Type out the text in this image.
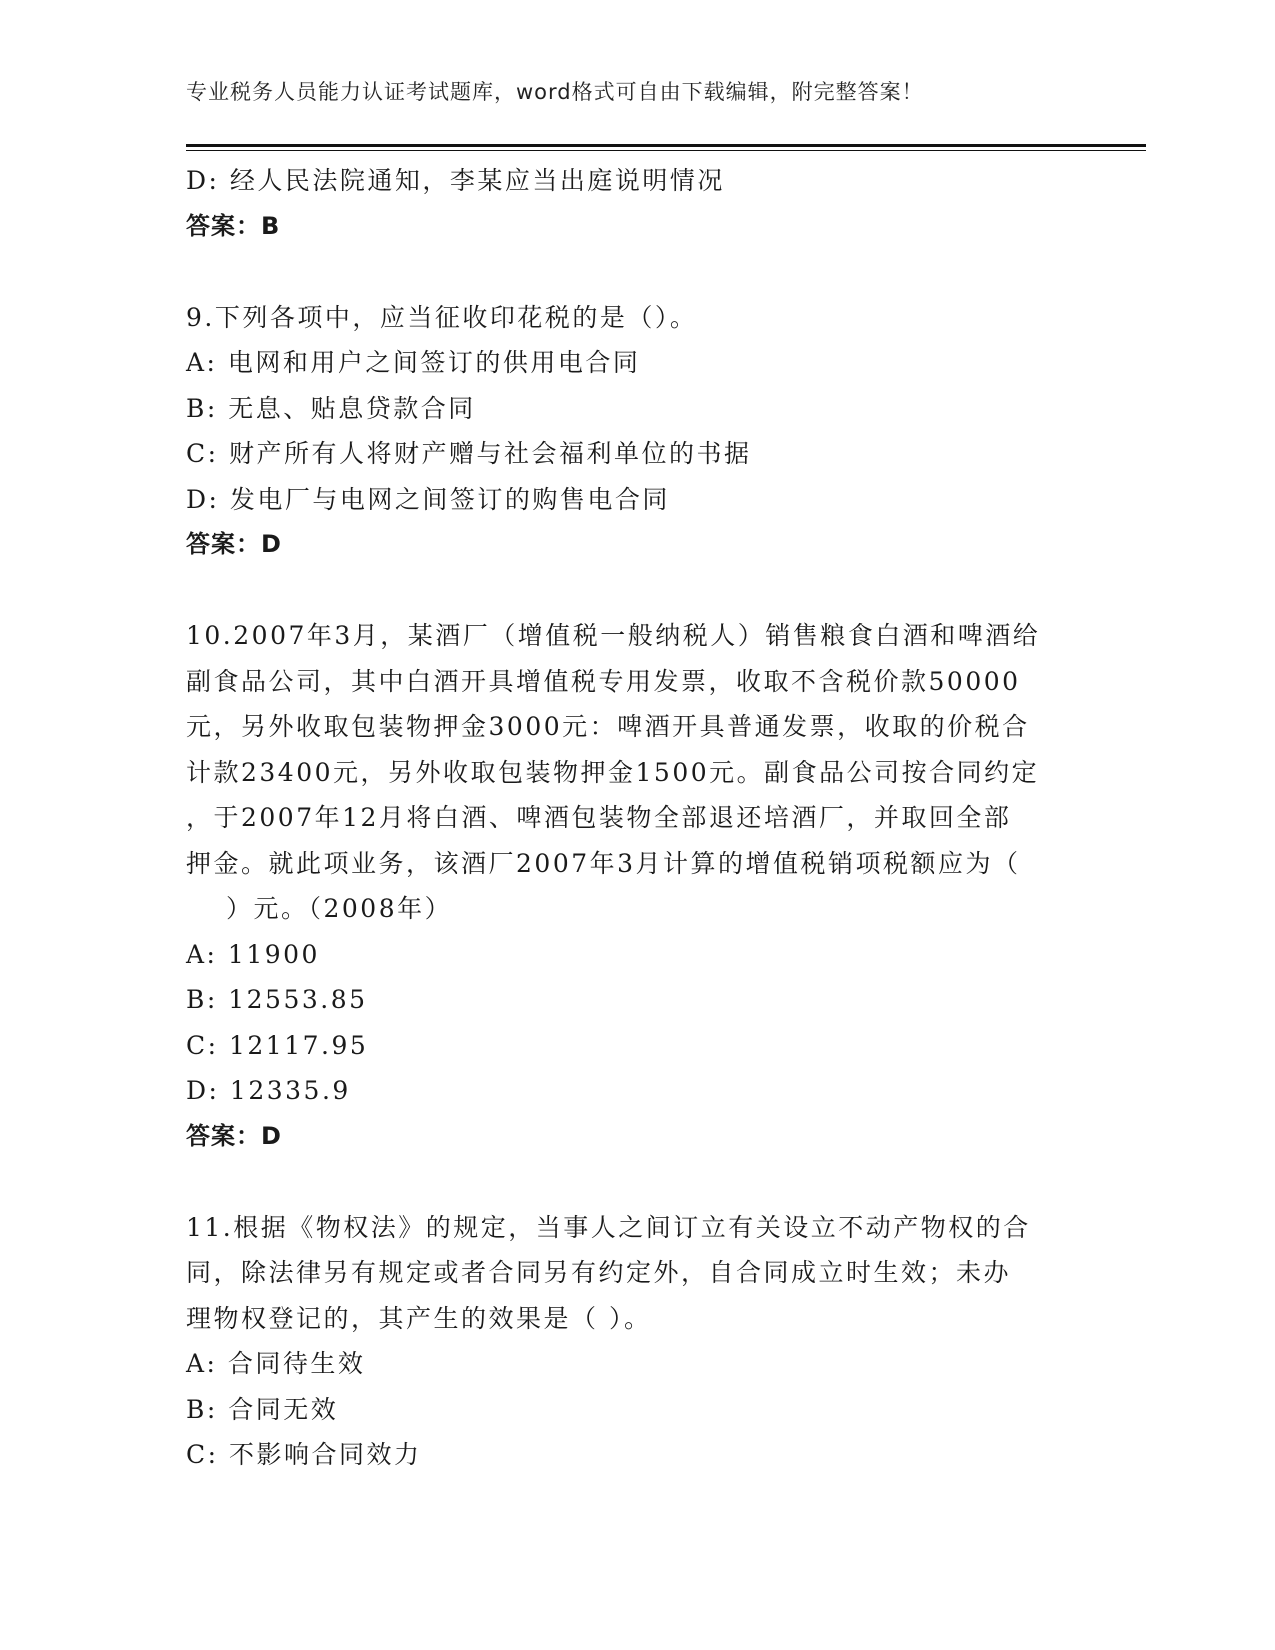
专业税务人员能力认证考试题库，word格式可自由下载编辑，附完整答案！
D: 经人民法院通知，李某应当出庭说明情况
答案：B
9.下列各项中，应当征收印花税的是（）。
A: 电网和用户之间签订的供用电合同
B: 无息、贴息贷款合同
C: 财产所有人将财产赠与社会福利单位的书据
D: 发电厂与电网之间签订的购售电合同
答案：D
10.2007年3月，某酒厂（增值税一般纳税人）销售粮食白酒和啤酒给
副食品公司，其中白酒开具增值税专用发票，收取不含税价款50000
元，另外收取包装物押金3000元：啤酒开具普通发票，收取的价税合
计款23400元，另外收取包装物押金1500元。副食品公司按合同约定
，于2007年12月将白酒、啤酒包装物全部退还培酒厂，并取回全部
押金。就此项业务，该酒厂2007年3月计算的增值税销项税额应为（
）元。（2008年）
A: 11900
B: 12553.85
C: 12117.95
D: 12335.9
答案：D
11.根据《物权法》的规定，当事人之间订立有关设立不动产物权的合
同，除法律另有规定或者合同另有约定外，自合同成立时生效；未办
理物权登记的，其产生的效果是（ ）。
A: 合同待生效
B: 合同无效
C: 不影响合同效力
